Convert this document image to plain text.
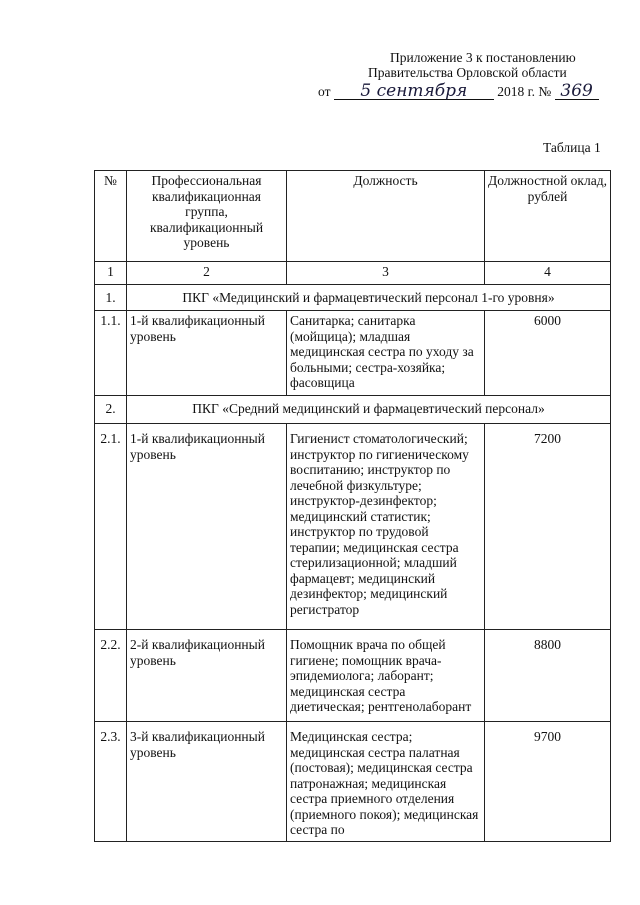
Приложение 3 к постановлению
Правительства Орловской области
от 5 сентября 2018 г. № 369
Таблица 1
№	Профессиональная квалификационная группа, квалификационный уровень	Должность	Должностной оклад, рублей
1	2	3	4
1.	ПКГ «Медицинский и фармацевтический персонал 1-го уровня»		
1.1.	1-й квалификационный уровень	Санитарка; санитарка (мойщица); младшая медицинская сестра по уходу за больными; сестра-хозяйка; фасовщица	6000
2.	ПКГ «Средний медицинский и фармацевтический персонал»		
2.1.	1-й квалификационный уровень	Гигиенист стоматологический; инструктор по гигиеническому воспитанию; инструктор по лечебной физкультуре; инструктор-дезинфектор; медицинский статистик; инструктор по трудовой терапии; медицинская сестра стерилизационной; младший фармацевт; медицинский дезинфектор; медицинский регистратор	7200
2.2.	2-й квалификационный уровень	Помощник врача по общей гигиене; помощник врача-эпидемиолога; лаборант; медицинская сестра диетическая; рентгенолаборант	8800
2.3.	3-й квалификационный уровень	Медицинская сестра; медицинская сестра палатная (постовая); медицинская сестра патронажная; медицинская сестра приемного отделения (приемного покоя); медицинская сестра по	9700
